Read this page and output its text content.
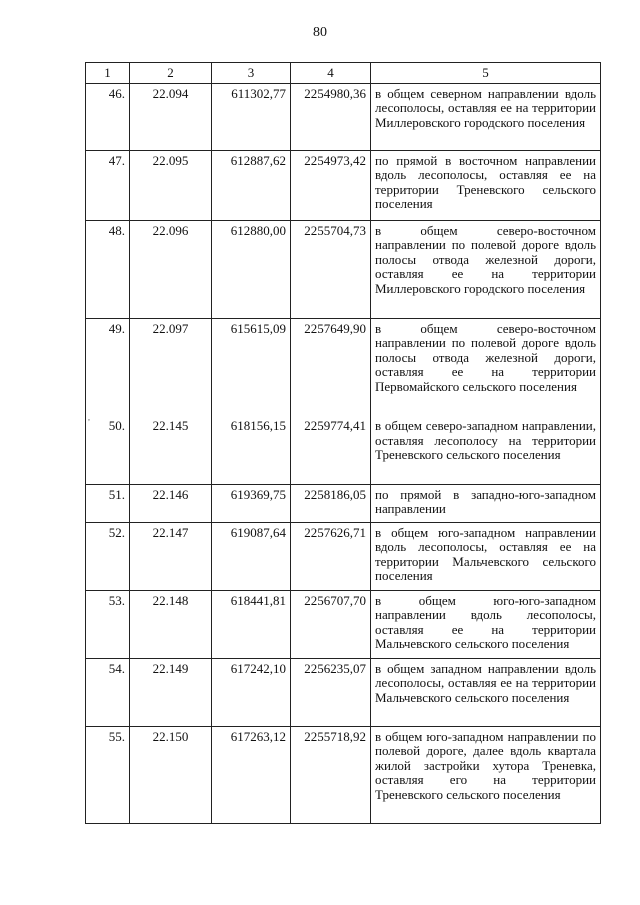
80
,
1	2	3	4	5
46.	22.094	611302,77	2254980,36	в общем северном направлении вдоль лесополосы, оставляя ее на территории Миллеровского городского поселения
47.	22.095	612887,62	2254973,42	по прямой в восточном направлении вдоль лесополосы, оставляя ее на территории Треневского сельского поселения
48.	22.096	612880,00	2255704,73	в общем северо-восточном направлении по полевой дороге вдоль полосы отвода железной дороги, оставляя ее на территории Миллеровского городского поселения
49.	22.097	615615,09	2257649,90	в общем северо-восточном направлении по полевой дороге вдоль полосы отвода железной дороги, оставляя ее на территории Первомайского сельского поселения
50.	22.145	618156,15	2259774,41	в общем северо-западном направлении, оставляя лесополосу на территории Треневского сельского поселения
51.	22.146	619369,75	2258186,05	по прямой в западно-юго-западном направлении
52.	22.147	619087,64	2257626,71	в общем юго-западном направлении вдоль лесополосы, оставляя ее на территории Мальчевского сельского поселения
53.	22.148	618441,81	2256707,70	в общем юго-юго-западном направлении вдоль лесополосы, оставляя ее на территории Мальчевского сельского поселения
54.	22.149	617242,10	2256235,07	в общем западном направлении вдоль лесополосы, оставляя ее на территории Мальчевского сельского поселения
55.	22.150	617263,12	2255718,92	в общем юго-западном направлении по полевой дороге, далее вдоль квартала жилой застройки хутора Треневка, оставляя его на территории Треневского сельского поселения
